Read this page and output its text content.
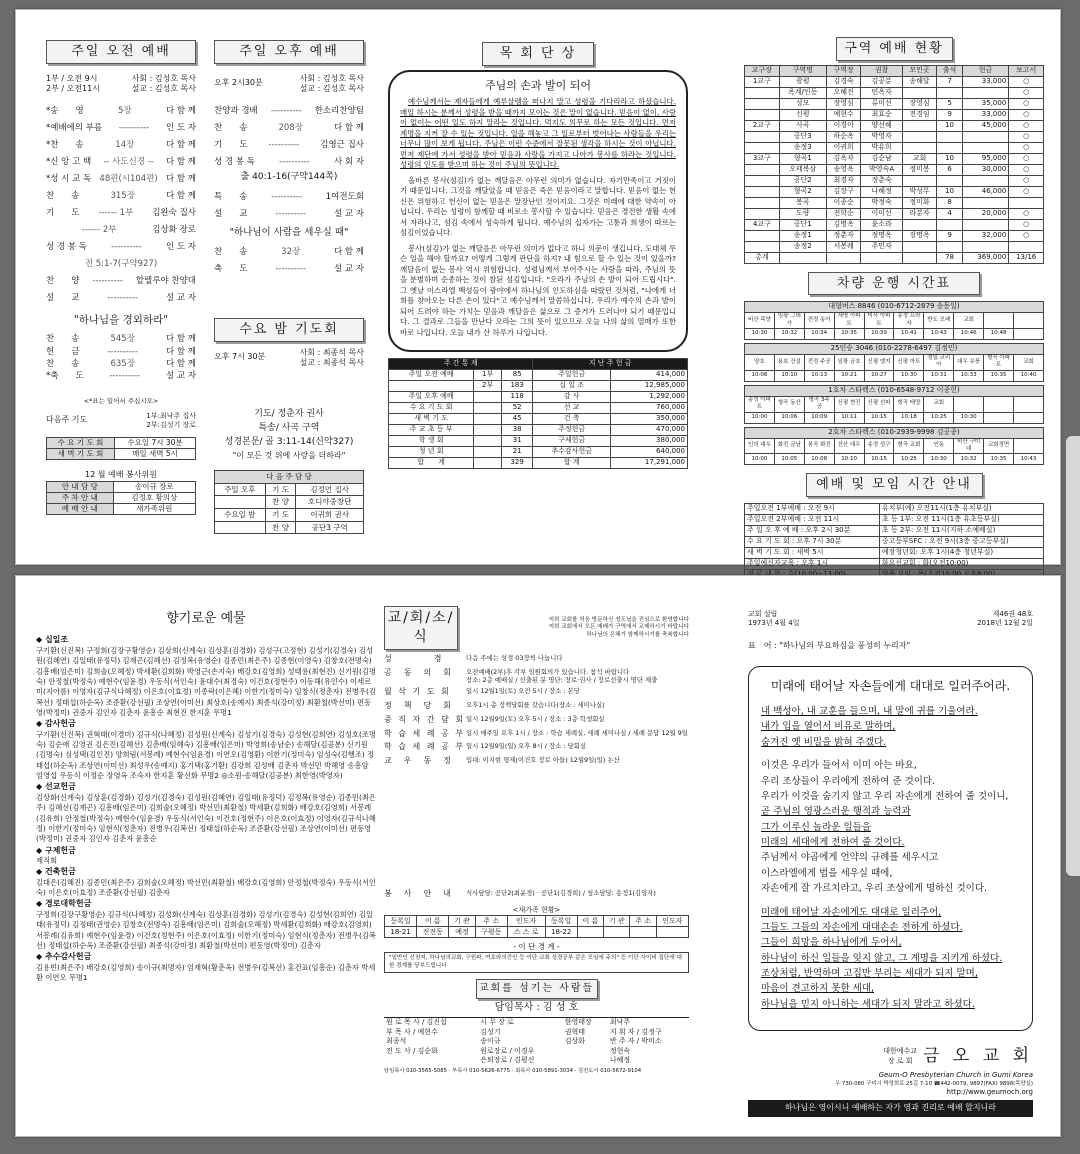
주일 오전 예배
1부 / 오전 9시
2부 / 오전11시
사회 : 김성호 목사
설교 : 김성호 목사
*송　　영	5장	다 함 께
*예배에의 부름	----------	인 도 자
*찬　　송	14장	다 함 께
*신 앙 고 백	-- 사도신경 --	다 함 께
*성 시 교 독 48편(시104편) 다 함 께
찬　　송	315장	다 함 께
기　　도	------ 1부	김완숙 집사
------ 2부	김상화 장로
성 경 봉 독	----------	인 도 자
전 5:1-7(구약927)
찬　　양	----------	할렐루야 찬양대
설　　교	----------	설 교 자
"하나님을 경외하라"
찬　　송	545장	다 함 께
헌　　금	----------	다 함 께
찬　　송	635장	다 함 께
*축　　도	----------	설 교 자
<*표는 일어서 주십시오>
주일 오후 예배
오후 2시30분	사회 : 김성호 목사
설교 : 김성호 목사
찬양과 경배	----------	한소리찬양팀
찬　　송	208장	다 함 께
기　　도	----------	김영근 집사
성 경 봉 독	----------	사 회 자
출 40:1-16(구약144쪽)
특　　송	----------	1여전도회
설　　교	----------	설 교 자
"하나님이 사람을 세우실 때"
찬　　송	32장	다 함 께
축　　도	----------	설 교 자
수요 밤 기도회
오후 7시 30분	사회 : 최종석 목사
설교 : 최종석 목사
다음주 기도	1부:최낙주 집사
2부:김성기 장로
수 요 기 도 회	수요일 7시 30분
새 벽 기 도 회	매일 새벽 5시
12 월 예배 봉사위원
안 내 담 당	송이규 장로
주 차 안 내	김정호 황의상
예 배 안 내	새가족위원
기도/ 정춘자 권사
특송/ 사곡 구역
성경본문/ 골 3:11-14(신약327)
"이 모든 것 위에 사랑을 더하라"
다 음 주 담 당		
주일 오후	기 도	김정언 집사
	찬 양	호디야중창단
수요일 밤	기 도	이귀희 권사
	찬 양	공단3 구역
목 회 단 상
주님의 손과 발이 되어

예수님께서는 제자들에게 예루살렘을 떠나지 말고 성령을 기다리라고 하셨습니다. 매일 하시는 분께서 성령을 받을 때까지 모이는 것은 말이 없습니다. 믿음이 없이, 사랑이 없이는 어떤 일도 하지 말라는 것입니다. 먹지도 의무로 하는 모든 것입니다. 먼저 계명을 지켜 잘 수 있는 것입니다. 일을 해놓고 그 일로부터 벗어나는 사람들을 우리는 너무나 많이 보게 됩니다. 주님은 이런 수준에서 잘못된 생각을 하시는 것이 아닙니다. 먼저 제단에 가서 성령을 받아 믿음과 사랑을 가지고 나아가 봉사를 하라는 것입니다. 성령의 인도를 받으며 하는 것이 주님의 뜻입니다.

올바른 봉사(섬김)가 없는 깨달음은 아무런 의미가 없습니다. 자기만족이고 거짓이기 때문입니다. 그것을 깨달았을 때 믿음은 죽은 믿음이라고 말합니다. 믿음이 없는 헌신은 위험하고 헌신이 없는 믿음은 말장난인 것이지요. 그것은 미래에 대한 약속이 아닙니다. 우리는 성령이 함께할 때 비로소 봉사할 수 있습니다. 믿음은 경건한 생활 속에서 자라나고, 섬김 속에서 성숙하게 됩니다. 예수님의 십자가는 고통과 희생이 따르는 섬김이었습니다.

봉사(섬김)가 없는 깨달음은 아무런 의미가 없다고 하니 의문이 생깁니다. 도대체 무슨 일을 해야 할까요? 어떻게 그렇게 판단을 하지? 내 힘으로 할 수 있는 것이 있을까? 깨달음이 없는 봉사 역시 위험합니다. 성령님께서 부어주시는 사랑을 따라, 주님의 뜻을 분별하며 순종하는 것이 참된 섬김입니다. "오라가 주님의 손 발이 되어 드립시다". 그 옛날 이스라엘 백성들이 광야에서 하나님의 인도하심을 따랐던 것처럼, "나에게 너희를 찾아오는 다른 손이 있다"고 예수님께서 말씀하십니다. 우리가 예수의 손과 발이 되어 드려야 하는 가치는 믿음과 깨달음은 삶으로 그 증거가 드러나야 되기 때문입니다. 그 결과로 그들을 만난다 오라는 그의 뜻이 있으므로 오늘 나의 삶의 열매가 또한 바로 나입니다. 오늘 내가 산 하루가 나입니다.

주 간 통 계			지 난 주 헌 금	
주일 오전 예배	1부	85	주일헌금	414,000
	2부	183	십 일 조	12,985,000
주일 오후 예배		118	감 사	1,292,000
수 요 기 도 회		52	선 교	760,000
새 벽 기 도		45	건 축	350,000
주 교 초 등 부		38	주정헌금	470,000
학 생 회		31	구제헌금	380,000
청 년 회		21	추수감사헌금	640,000
합　　계		329	합 계	17,291,000
구역 예배 현황
교구장	구역명	구역장	권찰	모인곳	출석	헌금	보고서
1교구	광평	김경숙	김공분	송해달	7	33,000	○
	옥계/인동	오혜진	민옥자				○
	상모	장영심	류미선	장영심	5	35,000	○
	신평	예현수	최효순	전경임	9	33,000	○
2교구	사곡	이경이	양선혜		10	45,000	○
	공단3	하순옥	박영자				○
	송정3	이귀희	박유희				○
3교구	형곡1	김옥자	김순남	교회	10	95,000	○
	오태복삼	송영옥	박영숙A	정미봉	6	30,000	○
	공단2	최경자	정춘숙				○
	형곡2	김장구	나혜정	박성무	10	46,000	○
	봉곡	이종순	박정숙	정미화	8		
	도량	전학순	이미선	라분자	4	20,000	○
4교구	공단1	김명옥	윤소라				○
	송정1	정춘자	정명옥	장명옥	9	32,000	○
	송정2	서봉례	주민자				
총계					78	369,000	13/16
차량 운행 시간표
대형버스 8846 (010-6712-2879 송동일)									
비산 목양	임광 그대가	전정 동아	세명 아파트	미사 아파트	송정 프라자	반도 모래	교회		
10:30	10:32	10:34	10:35	10:39	10:41	10:43	10:46	10:48	
25인승 3046 (010-2278-6497 김정민)									
양호	용호 건설	전정 주공	임광 금호	신평 엘지	신평 마트	경일 코리아	대우 유풍	형곡 아파트	교회
10:08	10:10	10:13	10:21	10:27	10:30	10:31	10:33	10:35	10:40
1호차 스타렉스 (010-6548-9712 이종헌)									
송정 아파트	형곡 동산	형곡 3주공	신평 현진	신평 선파	형곡 태양	교회			
10:00	10:06	10:09	10:11	10:15	10:18	10:25	10:30		
2호차 스타렉스 (010-2939-9998 김공종)									
인의 대우	화진 금남	봉곡 화진	선산 대우	송정 성구	형곡 교회	인동	비산 구미대	교회정면	
10:00	10:05	10:08	10:10	10:15	10:25	10:30	10:32	10:35	10:43
예배 및 모임 시간 안내
주일오전 1부예배 : 오전 9시	유치부(예) 오전11시(1층 유치부실)
주일오전 2부예배 : 오전 11시	초 등 1부: 오전 11시(1층 유초등부실)
주 일 오 후 예 배 : 오후 2시 30분	초 등 2부: 오전 11시(지하 소예배실)
수 요 기 도 회 : 오후 7시 30분	중고등부SFC : 오전 9시(3층 중고등부실)
새 벽 기 도 회 : 새벽 5시	예장청년회: 오후 1시(4층 청년부실)
주일예신자교육 : 오후 1시	화요선교회 : 화(오전10:00)

향기로운 예물
◆ 십일조
구기환(신진복) 구정희(김장구황영순) 김상희(신계숙) 김상훈(김경화) 김성구(고정현) 김성기(김경숙) 김성원(김혜연) 김일태(유정덕) 김재곤(김혜선) 김정복(유영순) 김종민(최은주) 김종현(이영숙) 김창호(전명숙) 김흥배(임은미) 김희술(오혜정) 박세환(김희화) 박영근(손지숙) 배강호(김영희) 성태용(최현진) 신기원(김명숙) 안정철(박정숙) 예현수(임윤경) 우동식(서인숙) 윤대수(최경숙) 이건호(정현주) 이동해(유인수) 이세르미(지아름) 이영자(김규식나혜정) 이은호(이효정) 이종락(이은혜) 이한기(정미숙) 임창식(정춘자) 전병우(김복선) 정태섭(하순옥) 조준환(강선필) 조상연(이미선) 최상호(송예지) 최종석(강미정) 최환철(박선미) 편동영(박정미) 권중자 김인자 김춘자 윤흥순 최현진 한지훈 무명1
◆ 감사헌금
구기환(신진복) 권혁태(이경미) 김규식(나혜정) 김성원(신계숙) 김성기(김경숙) 김성현(김희연) 김성호(조명숙) 김순애 김영권 김은진(김혜선) 김춘배(임혜숙) 김흥배(임은미) 박영희(송남순) 송해달(김공분) 신기원(김명숙) 심성택(김인진) 양희림(서봉례) 예현수(임윤경) 이연오(김영환) 이한기(정미숙) 임성숙(김행조) 정태섭(하순옥) 조상연(이미선) 최성우(송예지) 홍기택(홍기환) 김강희 김성배 김춘자 박선민 박혜영 송흥암 엄영섭 우동식 이정순 장영옥 조숙자 한지훈 황선화 무명2 ◎소원-송해달(김공분) 최한영(박영자)
◆ 선교헌금
김상화(신계숙) 김상훈(김경화) 김성기(김경숙) 김성원(김혜연) 김일태(유정덕) 김정복(유영순) 김종민(최은주) 김혜선(김재곤) 김흥배(임은미) 김희술(오혜정) 박선민(최환철) 박세환(김희화) 배강호(김영희) 서봉례(김유희) 안정철(박정숙) 예현수(임윤경) 우동식(서인숙) 이건호(정현주) 이은호(이효정) 이영자(김규식나혜정) 이한기(정미숙) 임현식(정춘자) 전병우(김복선) 정태섭(하순옥) 조준환(강선필) 조상연(이미선) 편동영(박정미) 권중자 김인자 김춘자 윤흥순
◆ 구제헌금
제직회
◆ 건축헌금
김대은(김혜진) 김종민(최은주) 김희술(오혜정) 박선민(최환철) 배강호(김영희) 안정철(박정숙) 우동식(서인숙) 이은호(이효정) 조준환(강선필) 김춘자
◆ 경로대학헌금
구정희(김장구황영순) 김규식(나혜정) 김성화(신계숙) 김상훈(김경화) 김성기(김경숙) 김성현(김희연) 김일태(유정덕) 김정태(권영순) 김창호(전명숙) 김흥배(임은미) 김희술(오혜정) 박세환(김희화) 배강호(김영희) 서봉례(김유희) 예현수(임윤경) 이건호(정현주) 이은호(이효정) 이한기(정미숙) 임현식(정춘자) 전병우(김복선) 정태섭(하순옥) 조준환(강선필) 최종석(강미정) 최환철(박선미) 편동영(박정미) 김춘자
◆ 추수감사헌금
김용빈(최은주) 배강호(김영희) 송이규(최명자) 엄재혁(황춘옥) 전병우(김복선) 홍건표(임흥순) 김춘자 박세환 이연오 무명1
교/회/소/식
저희 교회를 처음 방문하신 성도님을 진심으로 환영합니다
저희 교회에서 모든 예배가 구역에서 교제하시기 바랍니다
하나님의 은혜가 함께하시기를 축복합니다
성　　　　경	다음 주에는 성경 03장씩 나눕니다
공　동　의　회	오전예배(2부)후 각부 임원회의가 있습니다. 참석 바랍니다
장소: 2층 예배실 / 선출된 분 명단: 장로·권사 / 장로선출시 명단 제출
월 삭 기 도 회	일시 12월1일(토) 오전 5시 / 장소 : 본당
정　책　당　회	오후1시 총 정책당회를 갖습니다(장소 : 세미나실)
중 직 자 간 담 회 일시 12월9일(토) 오후 5시 / 장소 : 3층 학생회실
학 습 세 례 공 부 일시 매주일 오후 1시 / 장소 : 학습 세례실, 세례 세미나실 / 세례 문답 12월 9일
학 습 세 례 공 부 일시 12월9일(일) 오후 8시 / 장소 : 당회실
교　우　동　정	입대: 이지현 형제(이건호 장로 아들) 12월9일(일) 논산
봉　사　안　내	식사담당: 공단2(최윤경) · 공단1(김경희) / 청소담당: 송정1(김영자)
<새가족 현황>
등록일	이 름	기 관	주 소	인도자	등록일	이 름	기 관	주 소	인도자
18-21	진전동	예정	구평동	스 스 로	18-22				
- 이 단 경 계 -
"일반인 신천지, 하나님의교회, 구원파, 여호와의증인 등 이단 교회 성경공부 같은 모임에 주의" 등 이단 사이비 집단에 대한 경계를 당부드립니다
교회를 섬기는 사람들
담임목사 : 김 성 호
원 로 목 사 / 김진섭	시 무 장 로	한영태장	최낙주
부 목 사 / 예현수	김성기	권혁태	지 휘 자 / 김정구
최종석	송이규	김상화	반 주 자 / 박미소
전 도 사 / 김순화	원로장로 / 이경우		정현숙
	은퇴장로 / 김평선		나혜정
담임목사 010-3565-5085 · 부목사 010-5626-6775 · 최목사 010-5891-3034 · 김전도사 010-5672-9104
교회 설립	제46권 48호
1973년 4월 4일	2018년 12월 2일
표　어 : "하나님의 부요하심을 풍성히 누리자"
미래에 태어날 자손들에게 대대로 일러주어라.

내 백성아, 내 교훈을 들으며, 내 말에 귀를 기울여라.
내가 입을 열어서 비유로 말하며,
숨겨진 옛 비밀을 밝혀 주겠다.

이것은 우리가 들어서 이미 아는 바요,
우리 조상들이 우리에게 전하여 준 것이다.
우리가 이것을 숨기지 않고 우리 자손에게 전하여 줄 것이니,
곧 주님의 영광스러운 행적과 능력과
그가 이루신 놀라운 일들을
미래의 세대에게 전하여 줄 것이다.
주님께서 야곱에게 언약의 규례를 세우시고
이스라엘에게 법을 세우실 때에,
자손에게 잘 가르치라고, 우리 조상에게 명하신 것이다.

미래에 태어날 자손에게도 대대로 일러주어,
그들도 그들의 자손에게 대대손손 전하게 하셨다.
그들이 희망을 하나님에게 두어서,
하나님이 하신 일들을 잊지 않고, 그 계명을 지키게 하셨다.
조상처럼, 반역하며 고집만 부리는 세대가 되지 말며,
마음이 견고하지 못한 세대,
하나님을 믿지 아니하는 세대가 되지 말라고 하셨다.

대한예수교
장 로 회 금 오 교 회
Geum-O Presbyterian Church in Gumi Korea
우 730-080 구미시 박정희로 25길 7-10 ☎442-0079, 9897(FAX) 9898(목양실)
http://www.geumoch.org
하나님은 영이시니 예배하는 자가 영과 진리로 예배 할지니라
